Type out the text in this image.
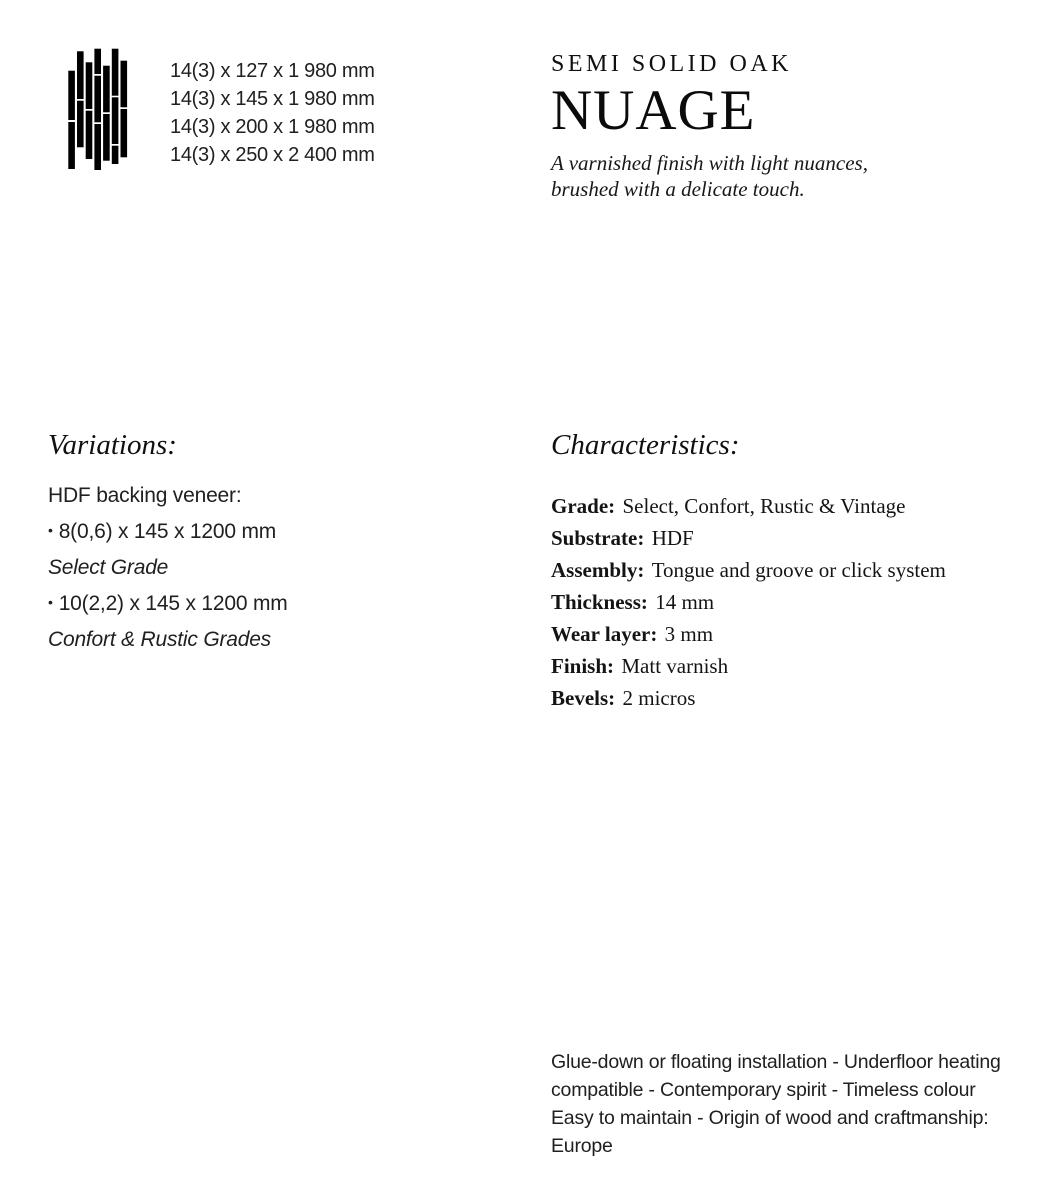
14(3) x 127 x 1 980 mm
14(3) x 145 x 1 980 mm
14(3) x 200 x 1 980 mm
14(3) x 250 x 2 400 mm
SEMI SOLID OAK
NUAGE
A varnished finish with light nuances,
brushed with a delicate touch.
Variations:
HDF backing veneer:
• 8(0,6) x 145 x 1200 mm
Select Grade
• 10(2,2) x 145 x 1200 mm
Confort & Rustic Grades
Characteristics:
Grade: Select, Confort, Rustic & Vintage
Substrate: HDF
Assembly: Tongue and groove or click system
Thickness: 14 mm
Wear layer: 3 mm
Finish: Matt varnish
Bevels: 2 micros
Glue-down or floating installation - Underfloor heating
compatible - Contemporary spirit - Timeless colour
Easy to maintain - Origin of wood and craftmanship:
Europe
